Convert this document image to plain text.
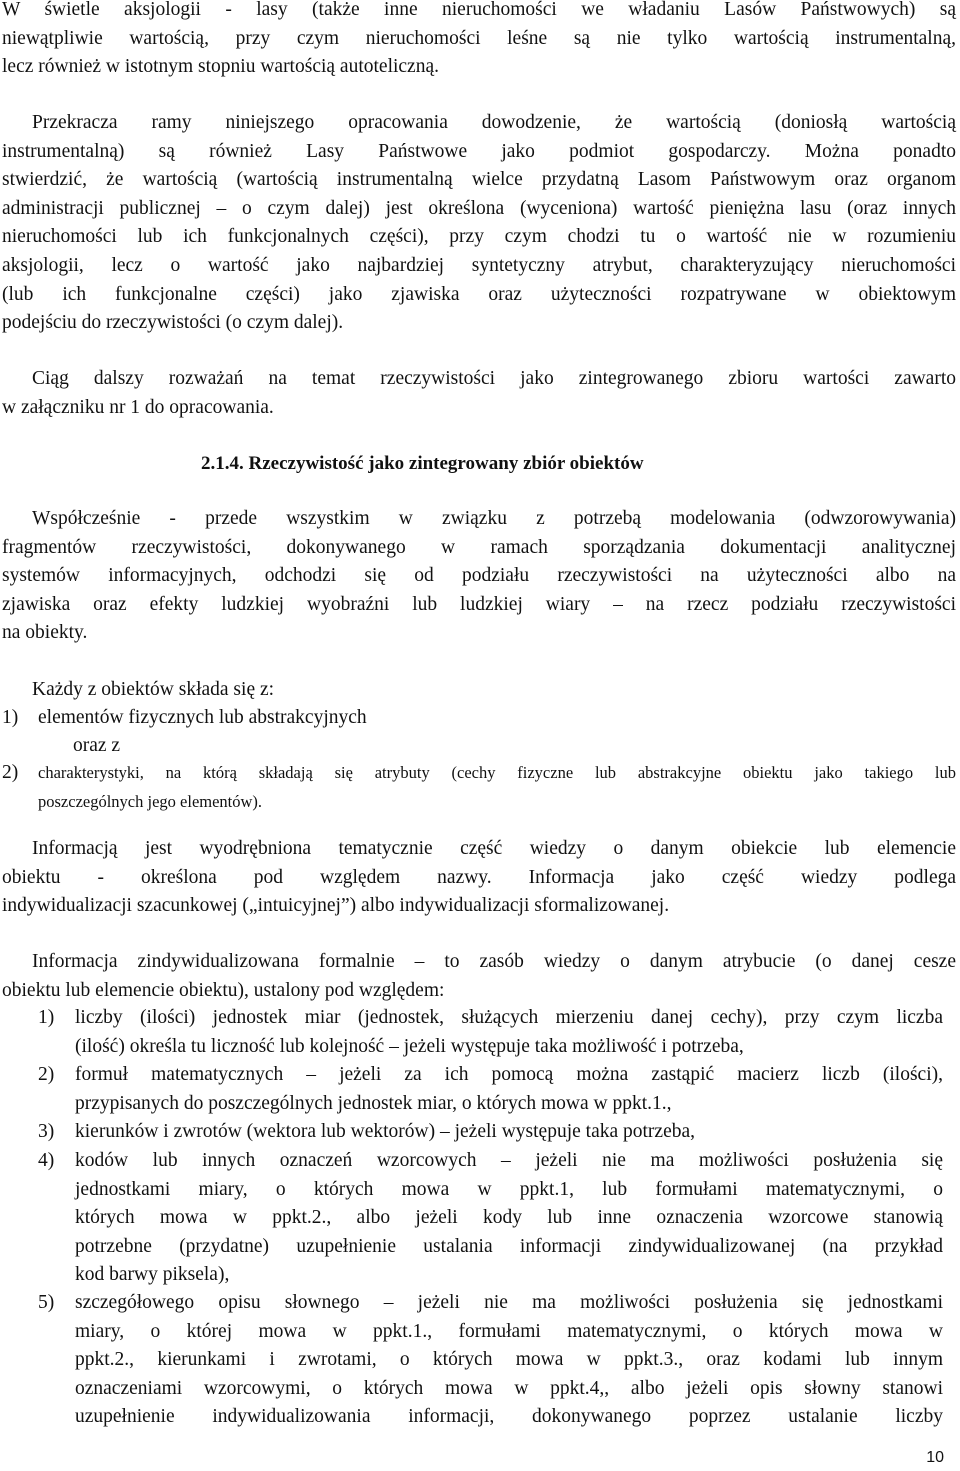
W świetle aksjologii - lasy (także inne nieruchomości we władaniu Lasów Państwowych) są
niewątpliwie wartością, przy czym nieruchomości leśne są nie tylko wartością instrumentalną,
lecz również w istotnym stopniu wartością autoteliczną.
Przekracza ramy niniejszego opracowania dowodzenie, że wartością (doniosłą wartością
instrumentalną) są również Lasy Państwowe jako podmiot gospodarczy. Można ponadto
stwierdzić, że wartością (wartością instrumentalną wielce przydatną Lasom Państwowym oraz organom
administracji publicznej – o czym dalej) jest określona (wyceniona) wartość pieniężna lasu (oraz innych
nieruchomości lub ich funkcjonalnych części), przy czym chodzi tu o wartość nie w rozumieniu
aksjologii, lecz o wartość jako najbardziej syntetyczny atrybut, charakteryzujący nieruchomości
(lub ich funkcjonalne części) jako zjawiska oraz użyteczności rozpatrywane w obiektowym
podejściu do rzeczywistości (o czym dalej).
Ciąg dalszy rozważań na temat rzeczywistości jako zintegrowanego zbioru wartości zawarto
w załączniku nr 1 do opracowania.
2.1.4. Rzeczywistość jako zintegrowany zbiór obiektów
Współcześnie - przede wszystkim w związku z potrzebą modelowania (odwzorowywania)
fragmentów rzeczywistości, dokonywanego w ramach sporządzania dokumentacji analitycznej
systemów informacyjnych, odchodzi się od podziału rzeczywistości na użyteczności albo na
zjawiska oraz efekty ludzkiej wyobraźni lub ludzkiej wiary – na rzecz podziału rzeczywistości
na obiekty.
Każdy z obiektów składa się z:
1) elementów fizycznych lub abstrakcyjnych
oraz z
2) charakterystyki, na którą składają się atrybuty (cechy fizyczne lub abstrakcyjne obiektu jako takiego lub
poszczególnych jego elementów).
Informacją jest wyodrębniona tematycznie część wiedzy o danym obiekcie lub elemencie
obiektu - określona pod względem nazwy. Informacja jako część wiedzy podlega
indywidualizacji szacunkowej („intuicyjnej”) albo indywidualizacji sformalizowanej.
Informacja zindywidualizowana formalnie – to zasób wiedzy o danym atrybucie (o danej cesze
obiektu lub elemencie obiektu), ustalony pod względem:
1) liczby (ilości) jednostek miar (jednostek, służących mierzeniu danej cechy), przy czym liczba
(ilość) określa tu liczność lub kolejność – jeżeli występuje taka możliwość i potrzeba,
2) formuł matematycznych – jeżeli za ich pomocą można zastąpić macierz liczb (ilości),
przypisanych do poszczególnych jednostek miar, o których mowa w ppkt.1.,
3) kierunków i zwrotów (wektora lub wektorów) – jeżeli występuje taka potrzeba,
4) kodów lub innych oznaczeń wzorcowych – jeżeli nie ma możliwości posłużenia się
jednostkami miary, o których mowa w ppkt.1, lub formułami matematycznymi, o
których mowa w ppkt.2., albo jeżeli kody lub inne oznaczenia wzorcowe stanowią
potrzebne (przydatne) uzupełnienie ustalania informacji zindywidualizowanej (na przykład
kod barwy piksela),
5) szczegółowego opisu słownego – jeżeli nie ma możliwości posłużenia się jednostkami
miary, o której mowa w ppkt.1., formułami matematycznymi, o których mowa w
ppkt.2., kierunkami i zwrotami, o których mowa w ppkt.3., oraz kodami lub innym
oznaczeniami wzorcowymi, o których mowa w ppkt.4,, albo jeżeli opis słowny stanowi
uzupełnienie indywidualizowania informacji, dokonywanego poprzez ustalanie liczby
10
